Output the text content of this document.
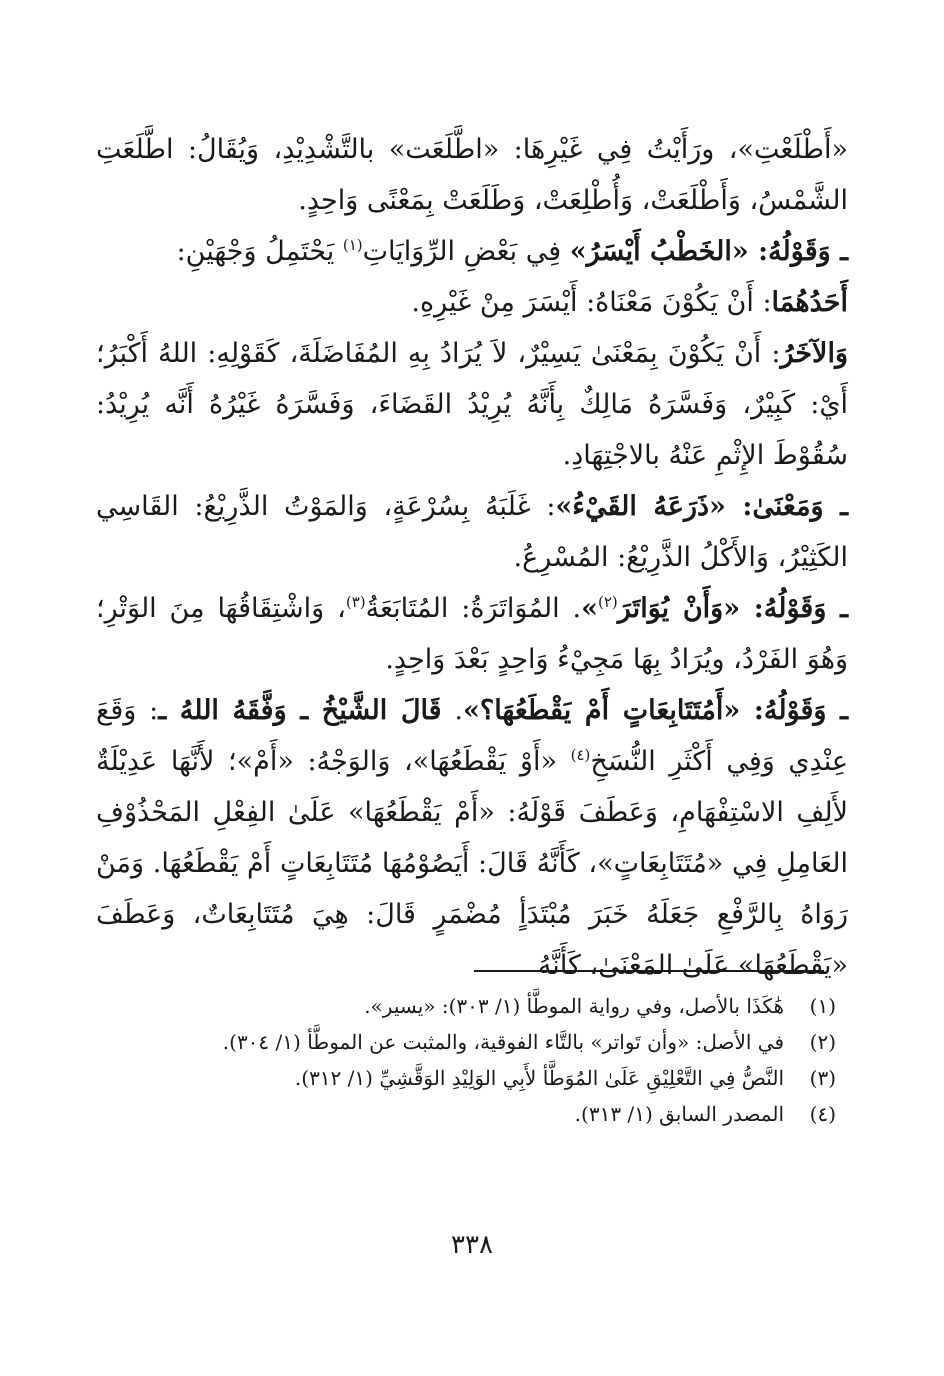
«أَطْلَعْتِ»، ورَأَيْتُ فِي غَيْرِهَا: «اطَّلَعَت» بالتَّشْدِيْدِ، وَيُقَالُ: اطَّلَعَتِ الشَّمْسُ، وَأَطْلَعَتْ، وَأُطْلِعَتْ، وَطَلَعَتْ بِمَعْنًى وَاحِدٍ.

ـ وَقَوْلُهُ: «الخَطْبُ أَيْسَرُ» فِي بَعْضِ الرِّوَايَاتِ$^{(١)}$ يَحْتَمِلُ وَجْهَيْنِ:

أَحَدُهُمَا: أَنْ يَكُوْنَ مَعْنَاهُ: أَيْسَرَ مِنْ غَيْرِهِ.

وَالآخَرُ: أَنْ يَكُوْنَ بِمَعْنَىٰ يَسِيْرٌ، لاَ يُرَادُ بِهِ المُفَاضَلَةَ، كَقَوْلِهِ: اللهُ أَكْبَرُ؛ أَيْ: كَبِيْرٌ، وَفَسَّرَهُ مَالِكٌ بِأَنَّهُ يُرِيْدُ القَضَاءَ، وَفَسَّرَهُ غَيْرُهُ أَنَّه يُرِيْدُ: سُقُوْطَ الإِثْمِ عَنْهُ بالاجْتِهَادِ.

ـ وَمَعْنَىٰ: «ذَرَعَهُ القَيْءُ»: غَلَبَهُ بِسُرْعَةٍ، وَالمَوْتُ الذَّرِيْعُ: القَاسِي الكَثِيْرُ، وَالأَكْلُ الذَّرِيْعُ: المُسْرِعُ.

ـ وَقَوْلُهُ: «وَأَنْ يُوَاتَرَ$^{(٢)}$». المُوَاتَرَةُ: المُتَابَعَةُ$^{(٣)}$، وَاشْتِقَاقُهَا مِنَ الوَتْرِ؛ وَهُوَ الفَرْدُ، ويُرَادُ بِهَا مَجِيْءُ وَاحِدٍ بَعْدَ وَاحِدٍ.

ـ وَقَوْلُهُ: «أَمُتَتَابِعَاتٍ أَمْ يَقْطَعُهَا؟». قَالَ الشَّيْخُ ـ وَفَّقَهُ اللهُ ـ: وَقَعَ عِنْدِي وَفِي أَكْثَرِ النُّسَخِ$^{(٤)}$ «أَوْ يَقْطَعُهَا»، وَالوَجْهُ: «أَمْ»؛ لأَنَّهَا عَدِيْلَةٌ لأَلِفِ الاسْتِفْهَامِ، وَعَطَفَ قَوْلَهُ: «أَمْ يَقْطَعُهَا» عَلَىٰ الفِعْلِ المَحْذُوْفِ العَامِلِ فِي «مُتَتَابِعَاتٍ»، كَأَنَّهُ قَالَ: أَيَصُوْمُهَا مُتَتَابِعَاتٍ أَمْ يَقْطَعُهَا. وَمَنْ رَوَاهُ بِالرَّفْعِ جَعَلَهُ خَبَرَ مُبْتَدَأٍ مُضْمَرٍ قَالَ: هِيَ مُتَتَابِعَاتٌ، وَعَطَفَ «يَقْطَعُهَا» عَلَىٰ المَعْنَىٰ، كَأَنَّهُ

(١)
هَٰكَذَا بالأصل، وفي رواية الموطَّأ (١/ ٣٠٣): «يسير».
(٢)
في الأصل: «وأن تَواتر» بالتَّاء الفوقية، والمثبت عن الموطَّأ (١/ ٣٠٤).
(٣)
النَّصُّ فِي التَّعْلِيْقِ عَلَىٰ المُوَطَّأ لأَبِي الوَلِيْدِ الوَقَّشِيِّ (١/ ٣١٢).
(٤)
المصدر السابق (١/ ٣١٣).
٣٣٨
